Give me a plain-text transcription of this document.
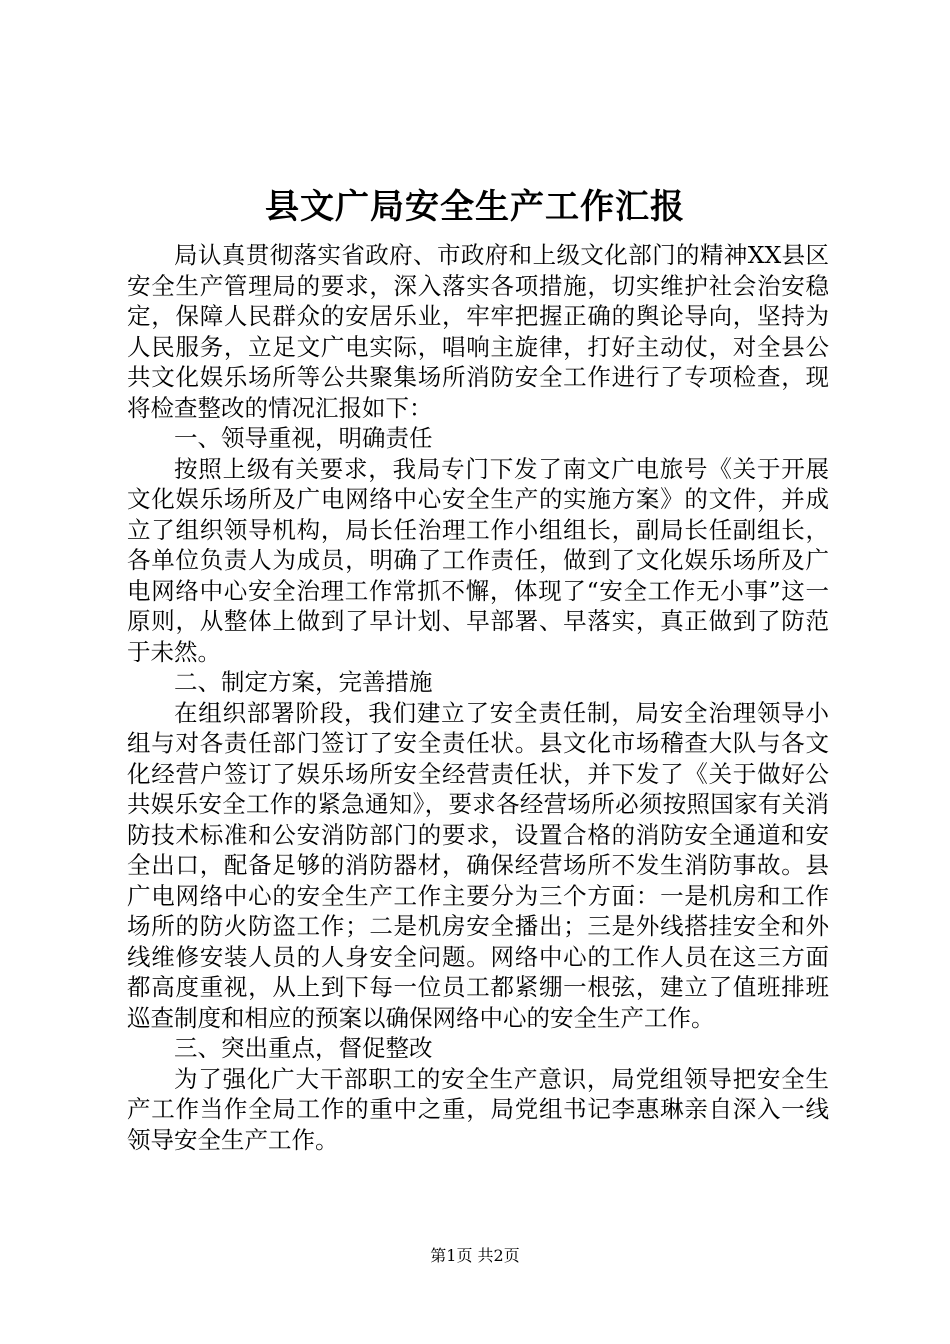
县文广局安全生产工作汇报

局认真贯彻落实省政府、市政府和上级文化部门的精神XX县区安全生产管理局的要求，深入落实各项措施，切实维护社会治安稳定，保障人民群众的安居乐业，牢牢把握正确的舆论导向，坚持为人民服务，立足文广电实际，唱响主旋律，打好主动仗，对全县公共文化娱乐场所等公共聚集场所消防安全工作进行了专项检查，现将检查整改的情况汇报如下：

一、领导重视，明确责任

按照上级有关要求，我局专门下发了南文广电旅号《关于开展文化娱乐场所及广电网络中心安全生产的实施方案》的文件，并成立了组织领导机构，局长任治理工作小组组长，副局长任副组长，各单位负责人为成员，明确了工作责任，做到了文化娱乐场所及广电网络中心安全治理工作常抓不懈，体现了“安全工作无小事”这一原则，从整体上做到了早计划、早部署、早落实，真正做到了防范于未然。

二、制定方案，完善措施

在组织部署阶段，我们建立了安全责任制，局安全治理领导小组与对各责任部门签订了安全责任状。县文化市场稽查大队与各文化经营户签订了娱乐场所安全经营责任状，并下发了《关于做好公共娱乐安全工作的紧急通知》，要求各经营场所必须按照国家有关消防技术标准和公安消防部门的要求，设置合格的消防安全通道和安全出口，配备足够的消防器材，确保经营场所不发生消防事故。县广电网络中心的安全生产工作主要分为三个方面：一是机房和工作场所的防火防盗工作；二是机房安全播出；三是外线搭挂安全和外线维修安装人员的人身安全问题。网络中心的工作人员在这三方面都高度重视，从上到下每一位员工都紧绷一根弦，建立了值班排班巡查制度和相应的预案以确保网络中心的安全生产工作。

三、突出重点，督促整改

为了强化广大干部职工的安全生产意识，局党组领导把安全生产工作当作全局工作的重中之重，局党组书记李惠琳亲自深入一线领导安全生产工作。

第1页 共2页
